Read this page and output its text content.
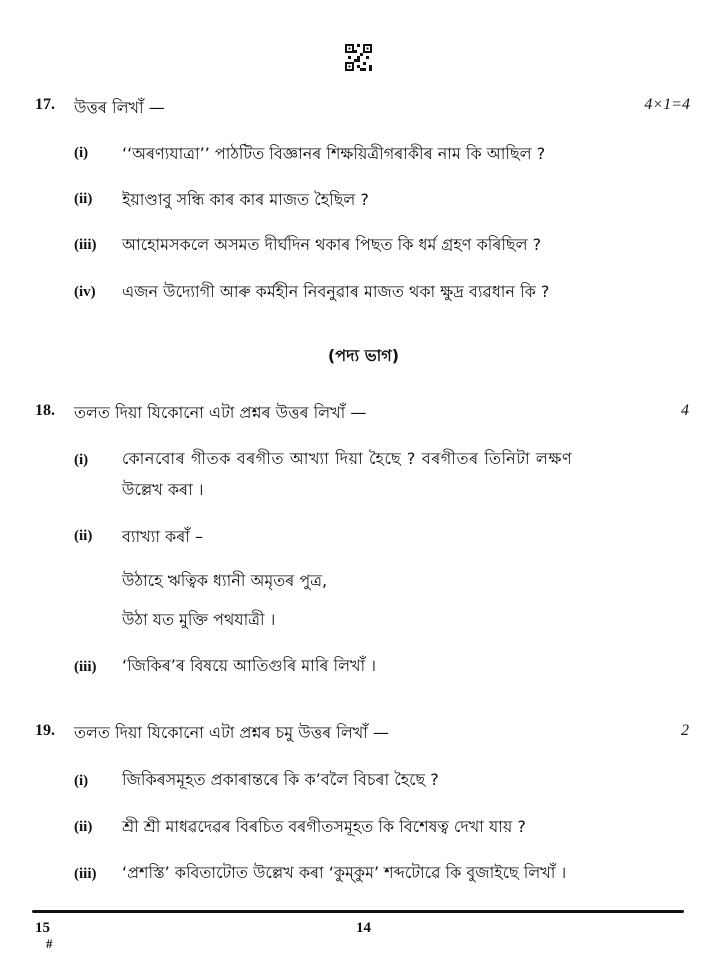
17. উত্তৰ লিখাঁ —	4×1=4
(i) ‘‘অৰণ্যযাত্ৰা’’ পাঠটিত বিজ্ঞানৰ শিক্ষয়িত্ৰীগৰাকীৰ নাম কি আছিল ?
(ii) ইয়াণ্ডাবু সন্ধি কাৰ কাৰ মাজত হৈছিল ?
(iii) আহোমসকলে অসমত দীৰ্ঘদিন থকাৰ পিছত কি ধৰ্ম গ্ৰহণ কৰিছিল ?
(iv) এজন উদ্যোগী আৰু কৰ্মহীন নিবনুৱাৰ মাজত থকা ক্ষুদ্ৰ ব্যৱধান কি ?
(পদ্য ভাগ)
18. তলত দিয়া যিকোনো এটা প্ৰশ্নৰ উত্তৰ লিখাঁ —	4
(i) কোনবোৰ গীতক বৰগীত আখ্যা দিয়া হৈছে ? বৰগীতৰ তিনিটা লক্ষণ
উল্লেখ কৰা ।
(ii) ব্যাখ্যা কৰাঁ –
উঠাহে ঋত্বিক ধ্যানী অমৃতৰ পুত্ৰ,
উঠা যত মুক্তি পথযাত্ৰী ।
(iii) ‘জিকিৰ’ৰ বিষয়ে আতিগুৰি মাৰি লিখাঁ ।
19. তলত দিয়া যিকোনো এটা প্ৰশ্নৰ চমু উত্তৰ লিখাঁ —	2
(i) জিকিৰসমূহত প্ৰকাৰান্তৰে কি ক’বলৈ বিচৰা হৈছে ?
(ii) শ্ৰী শ্ৰী মাধৱদেৱৰ বিৰচিত বৰগীতসমূহত কি বিশেষত্ব দেখা যায় ?
(iii) ‘প্ৰশস্তি’ কবিতাটোত উল্লেখ কৰা ‘কুম্কুম’ শব্দটোৱে কি বুজাইছে লিখাঁ ।
15
#
14
